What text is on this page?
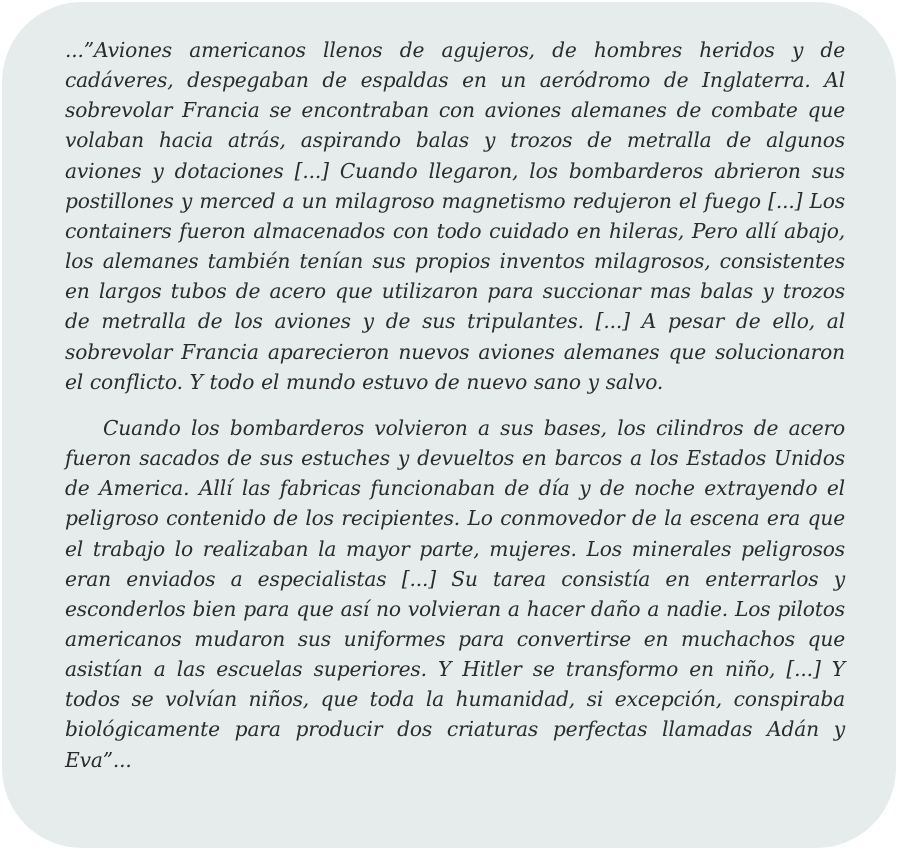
...”Aviones americanos llenos de agujeros, de hombres heridos y de cadáveres, despegaban de espaldas en un aeródromo de Inglaterra. Al sobrevolar Francia se encontraban con aviones alemanes de combate que volaban hacia atrás, aspirando balas y trozos de metralla de algunos aviones y dotaciones [...] Cuando llegaron, los bombarderos abrieron sus postillones y merced a un milagroso magnetismo redujeron el fuego [...] Los containers fueron almacenados con todo cuidado en hileras, Pero allí abajo, los alemanes también tenían sus propios inventos milagrosos, consistentes en largos tubos de acero que utilizaron para succionar mas balas y trozos de metralla de los aviones y de sus tripulantes. [...] A pesar de ello, al sobrevolar Francia aparecieron nuevos aviones alemanes que solucionaron el conflicto. Y todo el mundo estuvo de nuevo sano y salvo.

Cuando los bombarderos volvieron a sus bases, los cilindros de acero fueron sacados de sus estuches y devueltos en barcos a los Estados Unidos de America. Allí las fabricas funcionaban de día y de noche extrayendo el peligroso contenido de los recipientes. Lo conmovedor de la escena era que el trabajo lo realizaban la mayor parte, mujeres. Los minerales peligrosos eran enviados a especialistas [...] Su tarea consistía en enterrarlos y esconderlos bien para que así no volvieran a hacer daño a nadie. Los pilotos americanos mudaron sus uniformes para convertirse en muchachos que asistían a las escuelas superiores. Y Hitler se transformo en niño, [...] Y todos se volvían niños, que toda la humanidad, si excepción, conspiraba biológicamente para producir dos criaturas perfectas llamadas Adán y Eva”...
